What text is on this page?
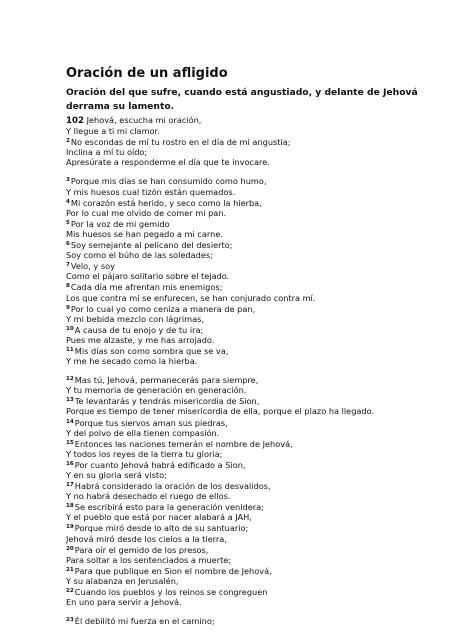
Oración de un afligido

Oración del que sufre, cuando está angustiado, y delante de Jehová derrama su lamento.

102 Jehová, escucha mi oración,
Y llegue a ti mi clamor.
$^2$No escondas de mí tu rostro en el día de mi angustia;
Inclina a mí tu oído;
Apresúrate a responderme el día que te invocare.
$^3$Porque mis días se han consumido como humo,
Y mis huesos cual tizón están quemados.
$^4$Mi corazón está herido, y seco como la hierba,
Por lo cual me olvido de comer mi pan.
$^5$Por la voz de mi gemido
Mis huesos se han pegado a mi carne.
$^6$Soy semejante al pelícano del desierto;
Soy como el búho de las soledades;
$^7$Velo, y soy
Como el pájaro solitario sobre el tejado.
$^8$Cada día me afrentan mis enemigos;
Los que contra mí se enfurecen, se han conjurado contra mí.
$^9$Por lo cual yo como ceniza a manera de pan,
Y mi bebida mezclo con lágrimas,
$^{10}$A causa de tu enojo y de tu ira;
Pues me alzaste, y me has arrojado.
$^{11}$Mis días son como sombra que se va,
Y me he secado como la hierba.
$^{12}$Mas tú, Jehová, permanecerás para siempre,
Y tu memoria de generación en generación.
$^{13}$Te levantarás y tendrás misericordia de Sion,
Porque es tiempo de tener misericordia de ella, porque el plazo ha llegado.
$^{14}$Porque tus siervos aman sus piedras,
Y del polvo de ella tienen compasión.
$^{15}$Entonces las naciones temerán el nombre de Jehová,
Y todos los reyes de la tierra tu gloria;
$^{16}$Por cuanto Jehová habrá edificado a Sion,
Y en su gloria será visto;
$^{17}$Habrá considerado la oración de los desvalidos,
Y no habrá desechado el ruego de ellos.
$^{18}$Se escribirá esto para la generación venidera;
Y el pueblo que está por nacer alabará a JAH,
$^{19}$Porque miró desde lo alto de su santuario;
Jehová miró desde los cielos a la tierra,
$^{20}$Para oír el gemido de los presos,
Para soltar a los sentenciados a muerte;
$^{21}$Para que publique en Sion el nombre de Jehová,
Y su alabanza en Jerusalén,
$^{22}$Cuando los pueblos y los reinos se congreguen
En uno para servir a Jehová.
$^{23}$Él debilitó mi fuerza en el camino;
